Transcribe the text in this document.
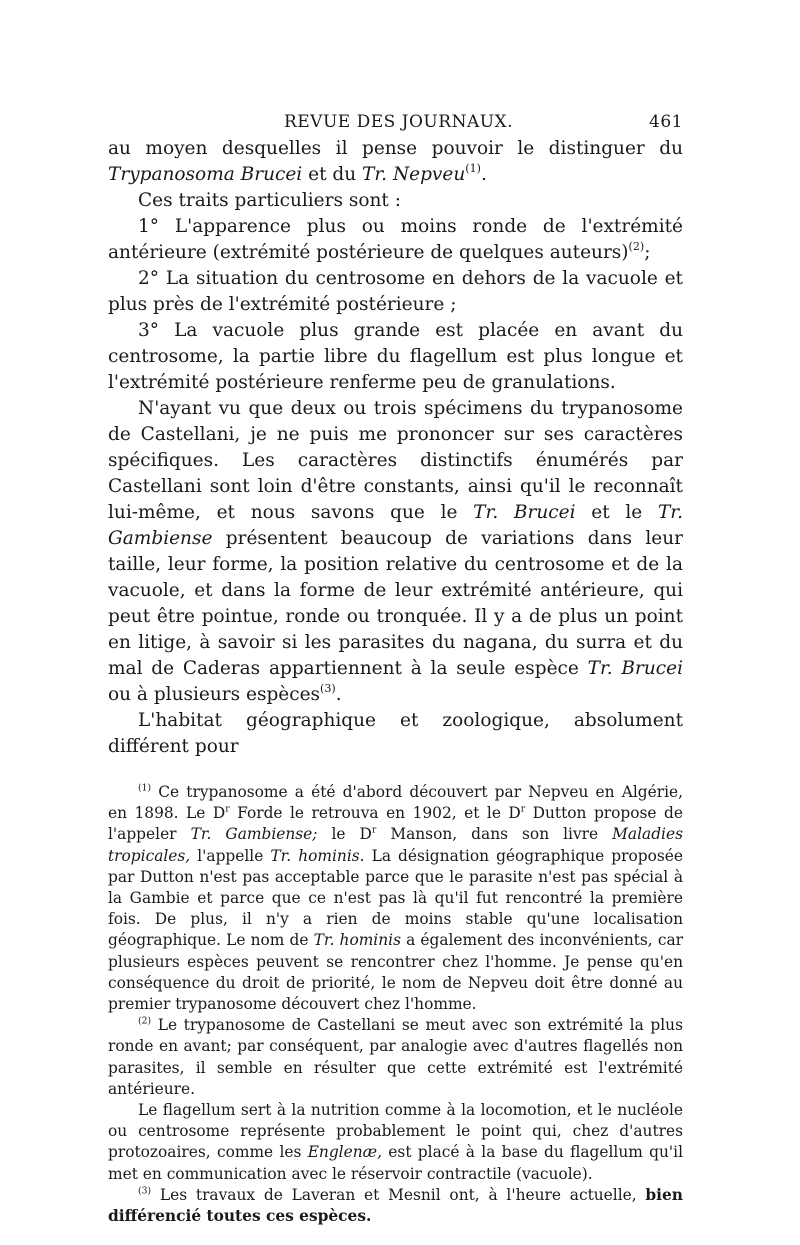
REVUE DES JOURNAUX.	461

au moyen desquelles il pense pouvoir le distinguer du Trypanosoma Brucei et du Tr. Nepveu$^{(1)}$.

Ces traits particuliers sont :

1° L'apparence plus ou moins ronde de l'extrémité antérieure (extrémité postérieure de quelques auteurs)$^{(2)}$;

2° La situation du centrosome en dehors de la vacuole et plus près de l'extrémité postérieure ;

3° La vacuole plus grande est placée en avant du centrosome, la partie libre du flagellum est plus longue et l'extrémité postérieure renferme peu de granulations.

N'ayant vu que deux ou trois spécimens du trypanosome de Castellani, je ne puis me prononcer sur ses caractères spécifiques. Les caractères distinctifs énumérés par Castellani sont loin d'être constants, ainsi qu'il le reconnaît lui-même, et nous savons que le Tr. Brucei et le Tr. Gambiense présentent beaucoup de variations dans leur taille, leur forme, la position relative du centrosome et de la vacuole, et dans la forme de leur extrémité antérieure, qui peut être pointue, ronde ou tronquée. Il y a de plus un point en litige, à savoir si les parasites du nagana, du surra et du mal de Caderas appartiennent à la seule espèce Tr. Brucei ou à plusieurs espèces$^{(3)}$.

L'habitat géographique et zoologique, absolument différent pour

$^{(1)}$ Ce trypanosome a été d'abord découvert par Nepveu en Algérie, en 1898. Le $D^r$ Forde le retrouva en 1902, et le $D^r$ Dutton propose de l'appeler Tr. Gambiense; le $D^r$ Manson, dans son livre Maladies tropicales, l'appelle Tr. hominis. La désignation géographique proposée par Dutton n'est pas acceptable parce que le parasite n'est pas spécial à la Gambie et parce que ce n'est pas là qu'il fut rencontré la première fois. De plus, il n'y a rien de moins stable qu'une localisation géographique. Le nom de Tr. hominis a également des inconvénients, car plusieurs espèces peuvent se rencontrer chez l'homme. Je pense qu'en conséquence du droit de priorité, le nom de Nepveu doit être donné au premier trypanosome découvert chez l'homme.

$^{(2)}$ Le trypanosome de Castellani se meut avec son extrémité la plus ronde en avant; par conséquent, par analogie avec d'autres flagellés non parasites, il semble en résulter que cette extrémité est l'extrémité antérieure.

Le flagellum sert à la nutrition comme à la locomotion, et le nucléole ou centrosome représente probablement le point qui, chez d'autres protozoaires, comme les Englenæ, est placé à la base du flagellum qu'il met en communication avec le réservoir contractile (vacuole).

$^{(3)}$ Les travaux de Laveran et Mesnil ont, à l'heure actuelle, bien différencié toutes ces espèces.
